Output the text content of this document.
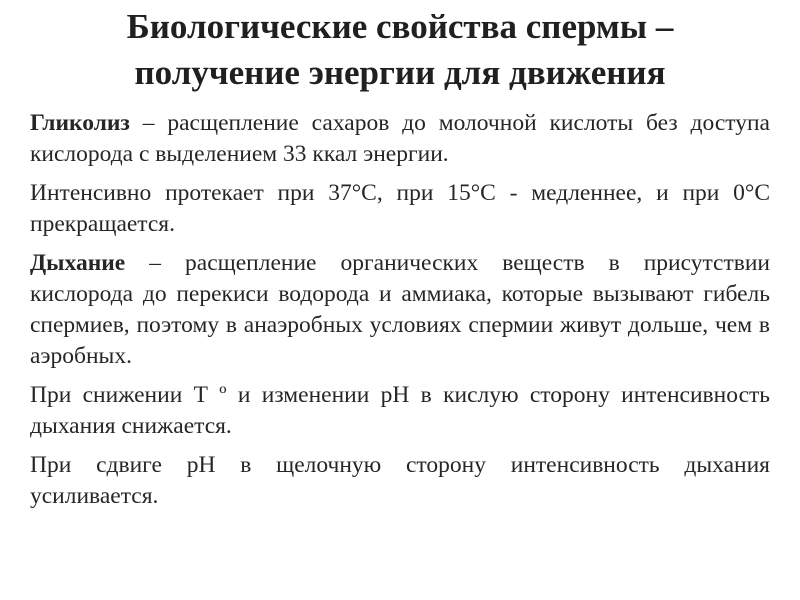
Биологические свойства спермы –
получение энергии для движения

Гликолиз – расщепление сахаров до молочной кислоты без доступа кислорода с выделением 33 ккал энергии.

Интенсивно протекает при 37°С, при 15°С - медленнее, и при 0°С прекращается.

Дыхание – расщепление органических веществ в присутствии кислорода до перекиси водорода и аммиака, которые вызывают гибель спермиев, поэтому в анаэробных условиях спермии живут дольше, чем в аэробных.

При снижении Т º и изменении рН в кислую сторону интенсивность дыхания снижается.

При сдвиге рН в щелочную сторону интенсивность дыхания усиливается.
